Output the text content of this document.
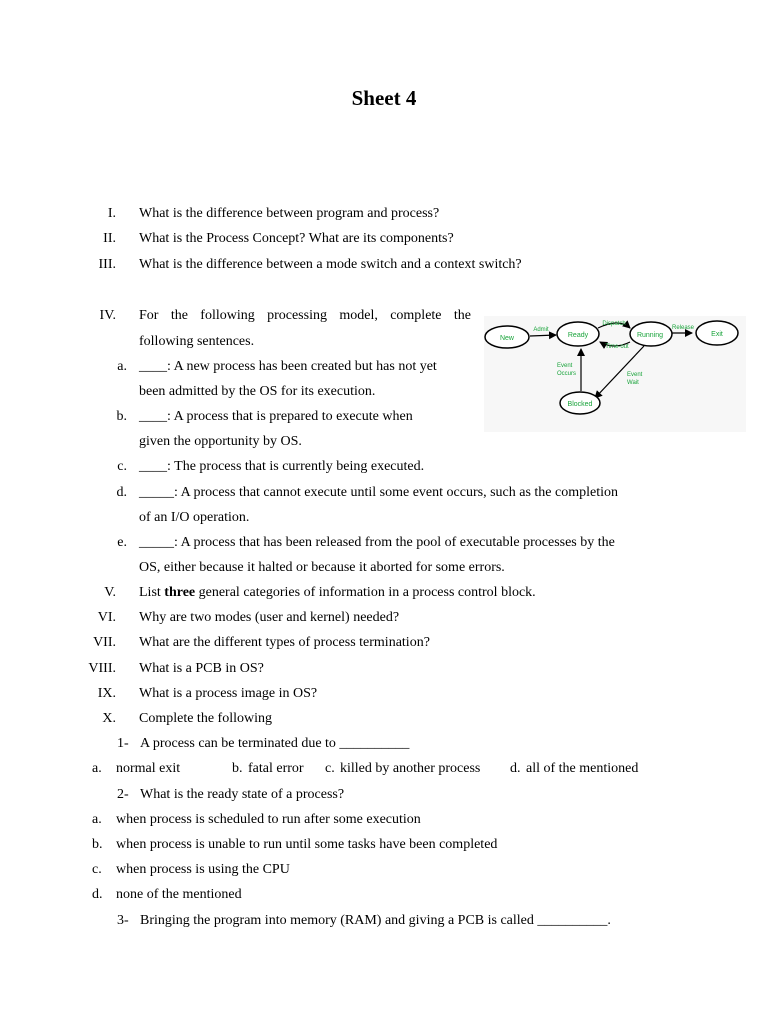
Sheet 4
I. What is the difference between program and process?
II. What is the Process Concept? What are its components?
III. What is the difference between a mode switch and a context switch?
IV. For the following processing model, complete the
following sentences.
a. ____: A new process has been created but has not yet
been admitted by the OS for its execution.
b. ____: A process that is prepared to execute when
given the opportunity by OS.
c. ____: The process that is currently being executed.
d. _____: A process that cannot execute until some event occurs, such as the completion
of an I/O operation.
e. _____: A process that has been released from the pool of executable processes by the
OS, either because it halted or because it aborted for some errors.
V. List three general categories of information in a process control block.
VI. Why are two modes (user and kernel) needed?
VII. What are the different types of process termination?
VIII. What is a PCB in OS?
IX. What is a process image in OS?
X. Complete the following
1- A process can be terminated due to __________
a. normal exit	b. fatal error c. killed by another process d. all of the mentioned
2- What is the ready state of a process?
a. when process is scheduled to run after some execution
b. when process is unable to run until some tasks have been completed
c. when process is using the CPU
d. none of the mentioned
3- Bringing the program into memory (RAM) and giving a PCB is called __________.
New	Ready	Running	Exit
Blocked
Admit
Dispatch
Release
Time-out
Event
Occurs	Event
Wait
